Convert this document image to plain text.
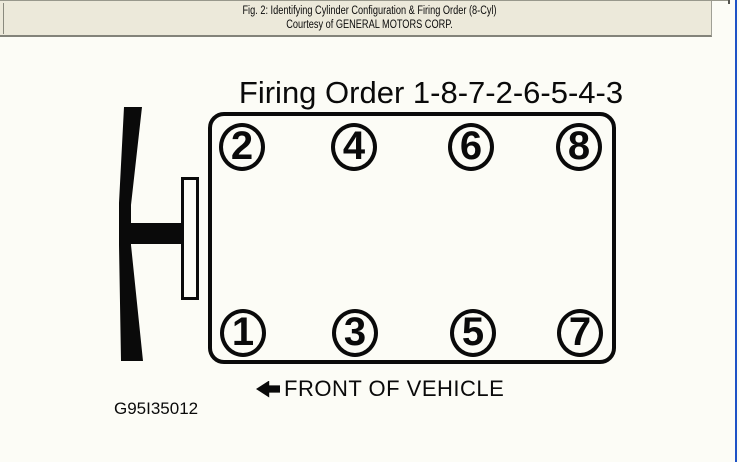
Fig. 2: Identifying Cylinder Configuration & Firing Order (8-Cyl)
Courtesy of GENERAL MOTORS CORP.
Firing Order 1-8-7-2-6-5-4-3
2 4 6 8
1 3 5 7
FRONT OF VEHICLE
G95I35012
